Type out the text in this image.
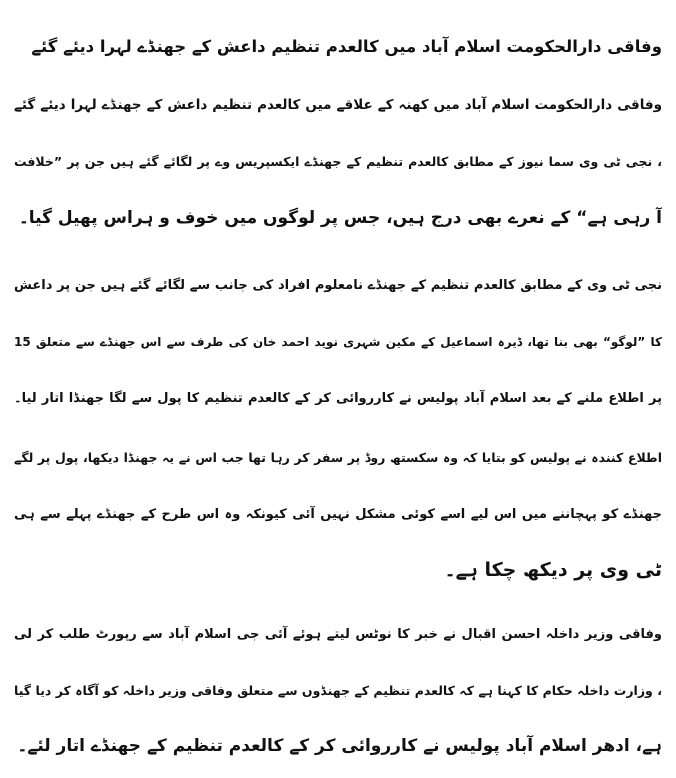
وفاقی دارالحکومت اسلام آباد میں کالعدم تنظیم داعش کے جھنڈے لہرا دیئے گئے
وفاقی دارالحکومت اسلام آباد میں کھنہ کے علاقے میں کالعدم تنظیم داعش کے جھنڈے لہرا دیئے گئے
، نجی ٹی وی سما نیوز کے مطابق کالعدم تنظیم کے جھنڈے ایکسپریس وے پر لگائے گئے ہیں جن پر ”خلافت
آ رہی ہے“ کے نعرے بھی درج ہیں، جس پر لوگوں میں خوف و ہراس پھیل گیا۔
نجی ٹی وی کے مطابق کالعدم تنظیم کے جھنڈے نامعلوم افراد کی جانب سے لگائے گئے ہیں جن پر داعش
کا ”لوگو“ بھی بنا تھا، ڈیرہ اسماعیل کے مکین شہری نوید احمد خان کی طرف سے اس جھنڈے سے متعلق 15
پر اطلاع ملنے کے بعد اسلام آباد پولیس نے کارروائی کر کے کالعدم تنظیم کا پول سے لگا جھنڈا اتار لیا۔
اطلاع کنندہ نے پولیس کو بتایا کہ وہ سکستھ روڈ پر سفر کر رہا تھا جب اس نے یہ جھنڈا دیکھا، پول پر لگے
جھنڈے کو پہچاننے میں اس لیے اسے کوئی مشکل نہیں آئی کیونکہ وہ اس طرح کے جھنڈے پہلے سے ہی
ٹی وی پر دیکھ چکا ہے۔
وفاقی وزیر داخلہ احسن اقبال نے خبر کا نوٹس لیتے ہوئے آئی جی اسلام آباد سے رپورٹ طلب کر لی
، وزارت داخلہ حکام کا کہنا ہے کہ کالعدم تنظیم کے جھنڈوں سے متعلق وفاقی وزیر داخلہ کو آگاہ کر دیا گیا
ہے، ادھر اسلام آباد پولیس نے کارروائی کر کے کالعدم تنظیم کے جھنڈے اتار لئے۔
